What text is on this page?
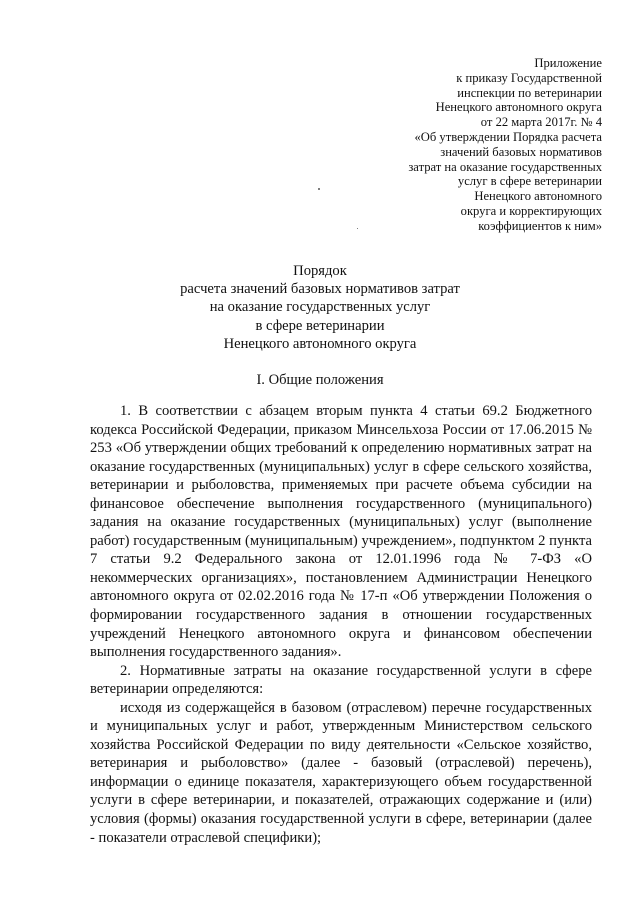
Приложение
к приказу Государственной
инспекции по ветеринарии
Ненецкого автономного округа
от 22 марта 2017г. № 4
«Об утверждении Порядка расчета
значений базовых нормативов
затрат на оказание государственных
услуг в сфере ветеринарии
Ненецкого автономного
округа и корректирующих
коэффициентов к ним»
Порядок
расчета значений базовых нормативов затрат
на оказание государственных услуг
в сфере ветеринарии
Ненецкого автономного округа
I. Общие положения

1. В соответствии с абзацем вторым пункта 4 статьи 69.2 Бюджетного кодекса Российской Федерации, приказом Минсельхоза России от 17.06.2015 № 253 «Об утверждении общих требований к определению нормативных затрат на оказание государственных (муниципальных) услуг в сфере сельского хозяйства, ветеринарии и рыболовства, применяемых при расчете объема субсидии на финансовое обеспечение выполнения государственного (муниципального) задания на оказание государственных (муниципальных) услуг (выполнение работ) государственным (муниципальным) учреждением», подпунктом 2 пункта 7 статьи 9.2 Федерального закона от 12.01.1996 года № 7-ФЗ «О некоммерческих организациях», постановлением Администрации Ненецкого автономного округа от 02.02.2016 года № 17-п «Об утверждении Положения о формировании государственного задания в отношении государственных учреждений Ненецкого автономного округа и финансовом обеспечении выполнения государственного задания».

2. Нормативные затраты на оказание государственной услуги в сфере ветеринарии определяются:

исходя из содержащейся в базовом (отраслевом) перечне государственных и муниципальных услуг и работ, утвержденным Министерством сельского хозяйства Российской Федерации по виду деятельности «Сельское хозяйство, ветеринария и рыболовство» (далее - базовый (отраслевой) перечень), информации о единице показателя, характеризующего объем государственной услуги в сфере ветеринарии, и показателей, отражающих содержание и (или) условия (формы) оказания государственной услуги в сфере, ветеринарии (далее - показатели отраслевой специфики);
